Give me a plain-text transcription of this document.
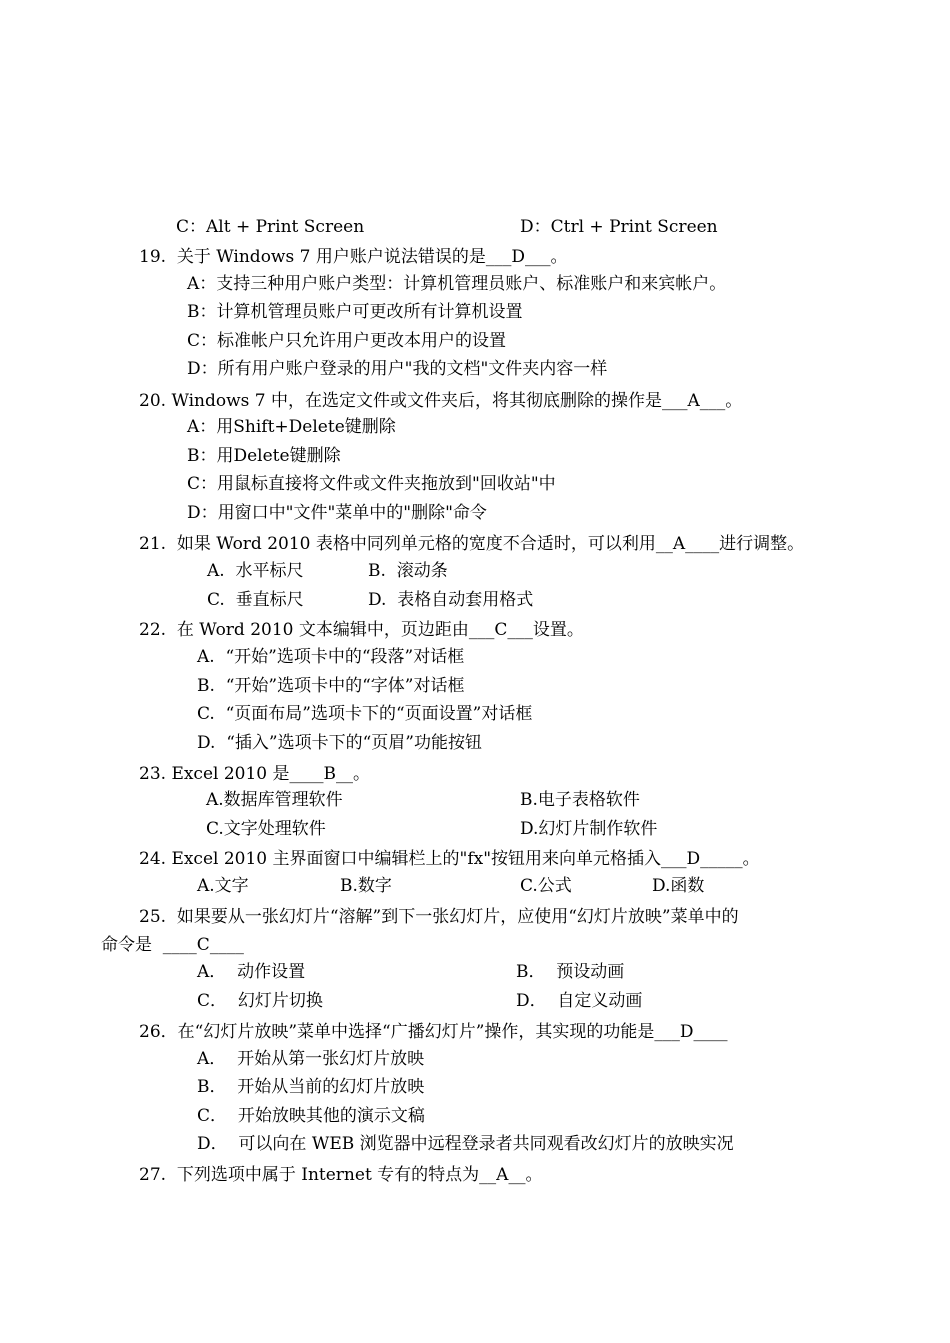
C：Alt + Print Screen	D：Ctrl + Print Screen
19.  关于 Windows 7 用户账户说法错误的是___D___。
A：支持三种用户账户类型：计算机管理员账户、标准账户和来宾帐户。
B：计算机管理员账户可更改所有计算机设置
C：标准帐户只允许用户更改本用户的设置
D：所有用户账户登录的用户"我的文档"文件夹内容一样
20. Windows 7 中，在选定文件或文件夹后，将其彻底删除的操作是___A___。
A：用Shift+Delete键删除
B：用Delete键删除
C：用鼠标直接将文件或文件夹拖放到"回收站"中
D：用窗口中"文件"菜单中的"删除"命令
21.  如果 Word 2010 表格中同列单元格的宽度不合适时，可以利用__A____进行调整。
A.  水平标尺	B.  滚动条
C.  垂直标尺	D.  表格自动套用格式
22.  在 Word 2010 文本编辑中，页边距由___C___设置。
A.  “开始”选项卡中的“段落”对话框
B.  “开始”选项卡中的“字体”对话框
C.  “页面布局”选项卡下的“页面设置”对话框
D.  “插入”选项卡下的“页眉”功能按钮
23. Excel 2010 是____B__。
A.数据库管理软件	B.电子表格软件
C.文字处理软件	D.幻灯片制作软件
24. Excel 2010 主界面窗口中编辑栏上的"fx"按钮用来向单元格插入___D_____。
A.文字	B.数字	C.公式	D.函数
25.  如果要从一张幻灯片“溶解”到下一张幻灯片，应使用“幻灯片放映”菜单中的
命令是  ____C____
A．  动作设置	B．  预设动画
C．  幻灯片切换	D．  自定义动画
26．在“幻灯片放映”菜单中选择“广播幻灯片”操作，其实现的功能是___D____
A．  开始从第一张幻灯片放映
B．  开始从当前的幻灯片放映
C．  开始放映其他的演示文稿
D．  可以向在 WEB 浏览器中远程登录者共同观看改幻灯片的放映实况
27.  下列选项中属于 Internet 专有的特点为__A__。
